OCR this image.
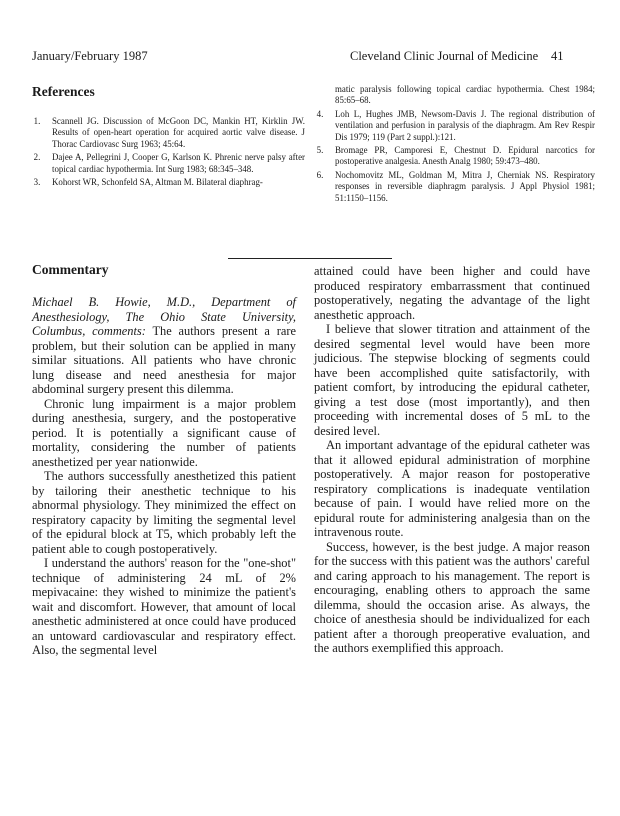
January/February 1987	Cleveland Clinic Journal of Medicine 41
References
1.	Scannell JG. Discussion of McGoon DC, Mankin HT, Kirklin JW. Results of open-heart operation for acquired aortic valve disease. J Thorac Cardiovasc Surg 1963; 45:64.
2.	Dajee A, Pellegrini J, Cooper G, Karlson K. Phrenic nerve palsy after topical cardiac hypothermia. Int Surg 1983; 68:345–348.
3.	Kohorst WR, Schonfeld SA, Altman M. Bilateral diaphrag-
matic paralysis following topical cardiac hypothermia. Chest 1984; 85:65–68.
4.	Loh L, Hughes JMB, Newsom-Davis J. The regional distribution of ventilation and perfusion in paralysis of the diaphragm. Am Rev Respir Dis 1979; 119 (Part 2 suppl.):121.
5.	Bromage PR, Camporesi E, Chestnut D. Epidural narcotics for postoperative analgesia. Anesth Analg 1980; 59:473–480.
6.	Nochomovitz ML, Goldman M, Mitra J, Cherniak NS. Respiratory responses in reversible diaphragm paralysis. J Appl Physiol 1981; 51:1150–1156.
Commentary

Michael B. Howie, M.D., Department of Anesthesiology, The Ohio State University, Columbus, comments: The authors present a rare problem, but their solution can be applied in many similar situations. All patients who have chronic lung disease and need anesthesia for major abdominal surgery present this dilemma.

Chronic lung impairment is a major problem during anesthesia, surgery, and the postoperative period. It is potentially a significant cause of mortality, considering the number of patients anesthetized per year nationwide.

The authors successfully anesthetized this patient by tailoring their anesthetic technique to his abnormal physiology. They minimized the effect on respiratory capacity by limiting the segmental level of the epidural block at T5, which probably left the patient able to cough postoperatively.

I understand the authors' reason for the "one-shot" technique of administering 24 mL of 2% mepivacaine: they wished to minimize the patient's wait and discomfort. However, that amount of local anesthetic administered at once could have produced an untoward cardiovascular and respiratory effect. Also, the segmental level

attained could have been higher and could have produced respiratory embarrassment that continued postoperatively, negating the advantage of the light anesthetic approach.

I believe that slower titration and attainment of the desired segmental level would have been more judicious. The stepwise blocking of segments could have been accomplished quite satisfactorily, with patient comfort, by introducing the epidural catheter, giving a test dose (most importantly), and then proceeding with incremental doses of 5 mL to the desired level.

An important advantage of the epidural catheter was that it allowed epidural administration of morphine postoperatively. A major reason for postoperative respiratory complications is inadequate ventilation because of pain. I would have relied more on the epidural route for administering analgesia than on the intravenous route.

Success, however, is the best judge. A major reason for the success with this patient was the authors' careful and caring approach to his management. The report is encouraging, enabling others to approach the same dilemma, should the occasion arise. As always, the choice of anesthesia should be individualized for each patient after a thorough preoperative evaluation, and the authors exemplified this approach.
